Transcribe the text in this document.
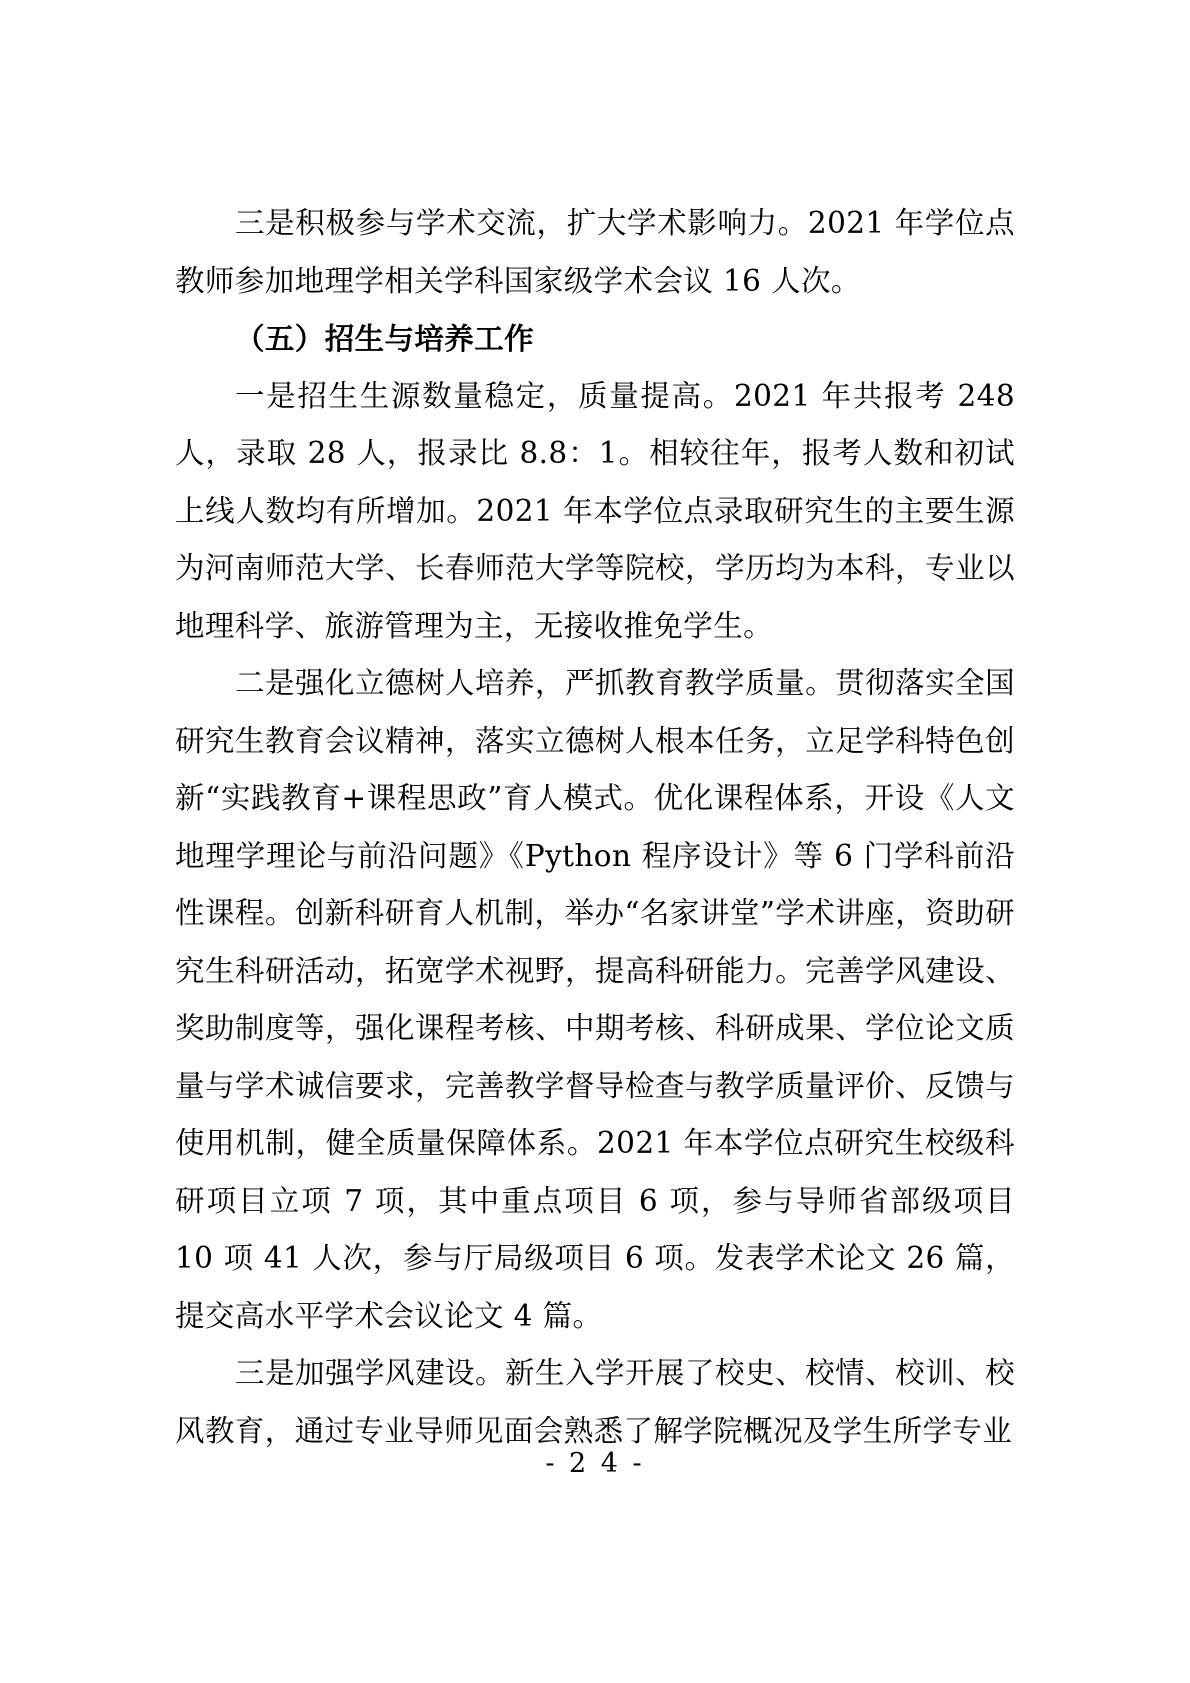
三是积极参与学术交流，扩大学术影响力。2021 年学位点教师参加地理学相关学科国家级学术会议 16 人次。

（五）招生与培养工作

一是招生生源数量稳定，质量提高。2021 年共报考 248 人，录取 28 人，报录比 8.8：1。相较往年，报考人数和初试上线人数均有所增加。2021 年本学位点录取研究生的主要生源为河南师范大学、长春师范大学等院校，学历均为本科，专业以地理科学、旅游管理为主，无接收推免学生。

二是强化立德树人培养，严抓教育教学质量。贯彻落实全国研究生教育会议精神，落实立德树人根本任务，立足学科特色创新“实践教育+课程思政”育人模式。优化课程体系，开设《人文地理学理论与前沿问题》《Python 程序设计》等 6 门学科前沿性课程。创新科研育人机制，举办“名家讲堂”学术讲座，资助研究生科研活动，拓宽学术视野，提高科研能力。完善学风建设、奖助制度等，强化课程考核、中期考核、科研成果、学位论文质量与学术诚信要求，完善教学督导检查与教学质量评价、反馈与使用机制，健全质量保障体系。2021 年本学位点研究生校级科研项目立项 7 项，其中重点项目 6 项，参与导师省部级项目 10 项 41 人次，参与厅局级项目 6 项。发表学术论文 26 篇，提交高水平学术会议论文 4 篇。

三是加强学风建设。新生入学开展了校史、校情、校训、校风教育，通过专业导师见面会熟悉了解学院概况及学生所学专业

- 2 4 -
